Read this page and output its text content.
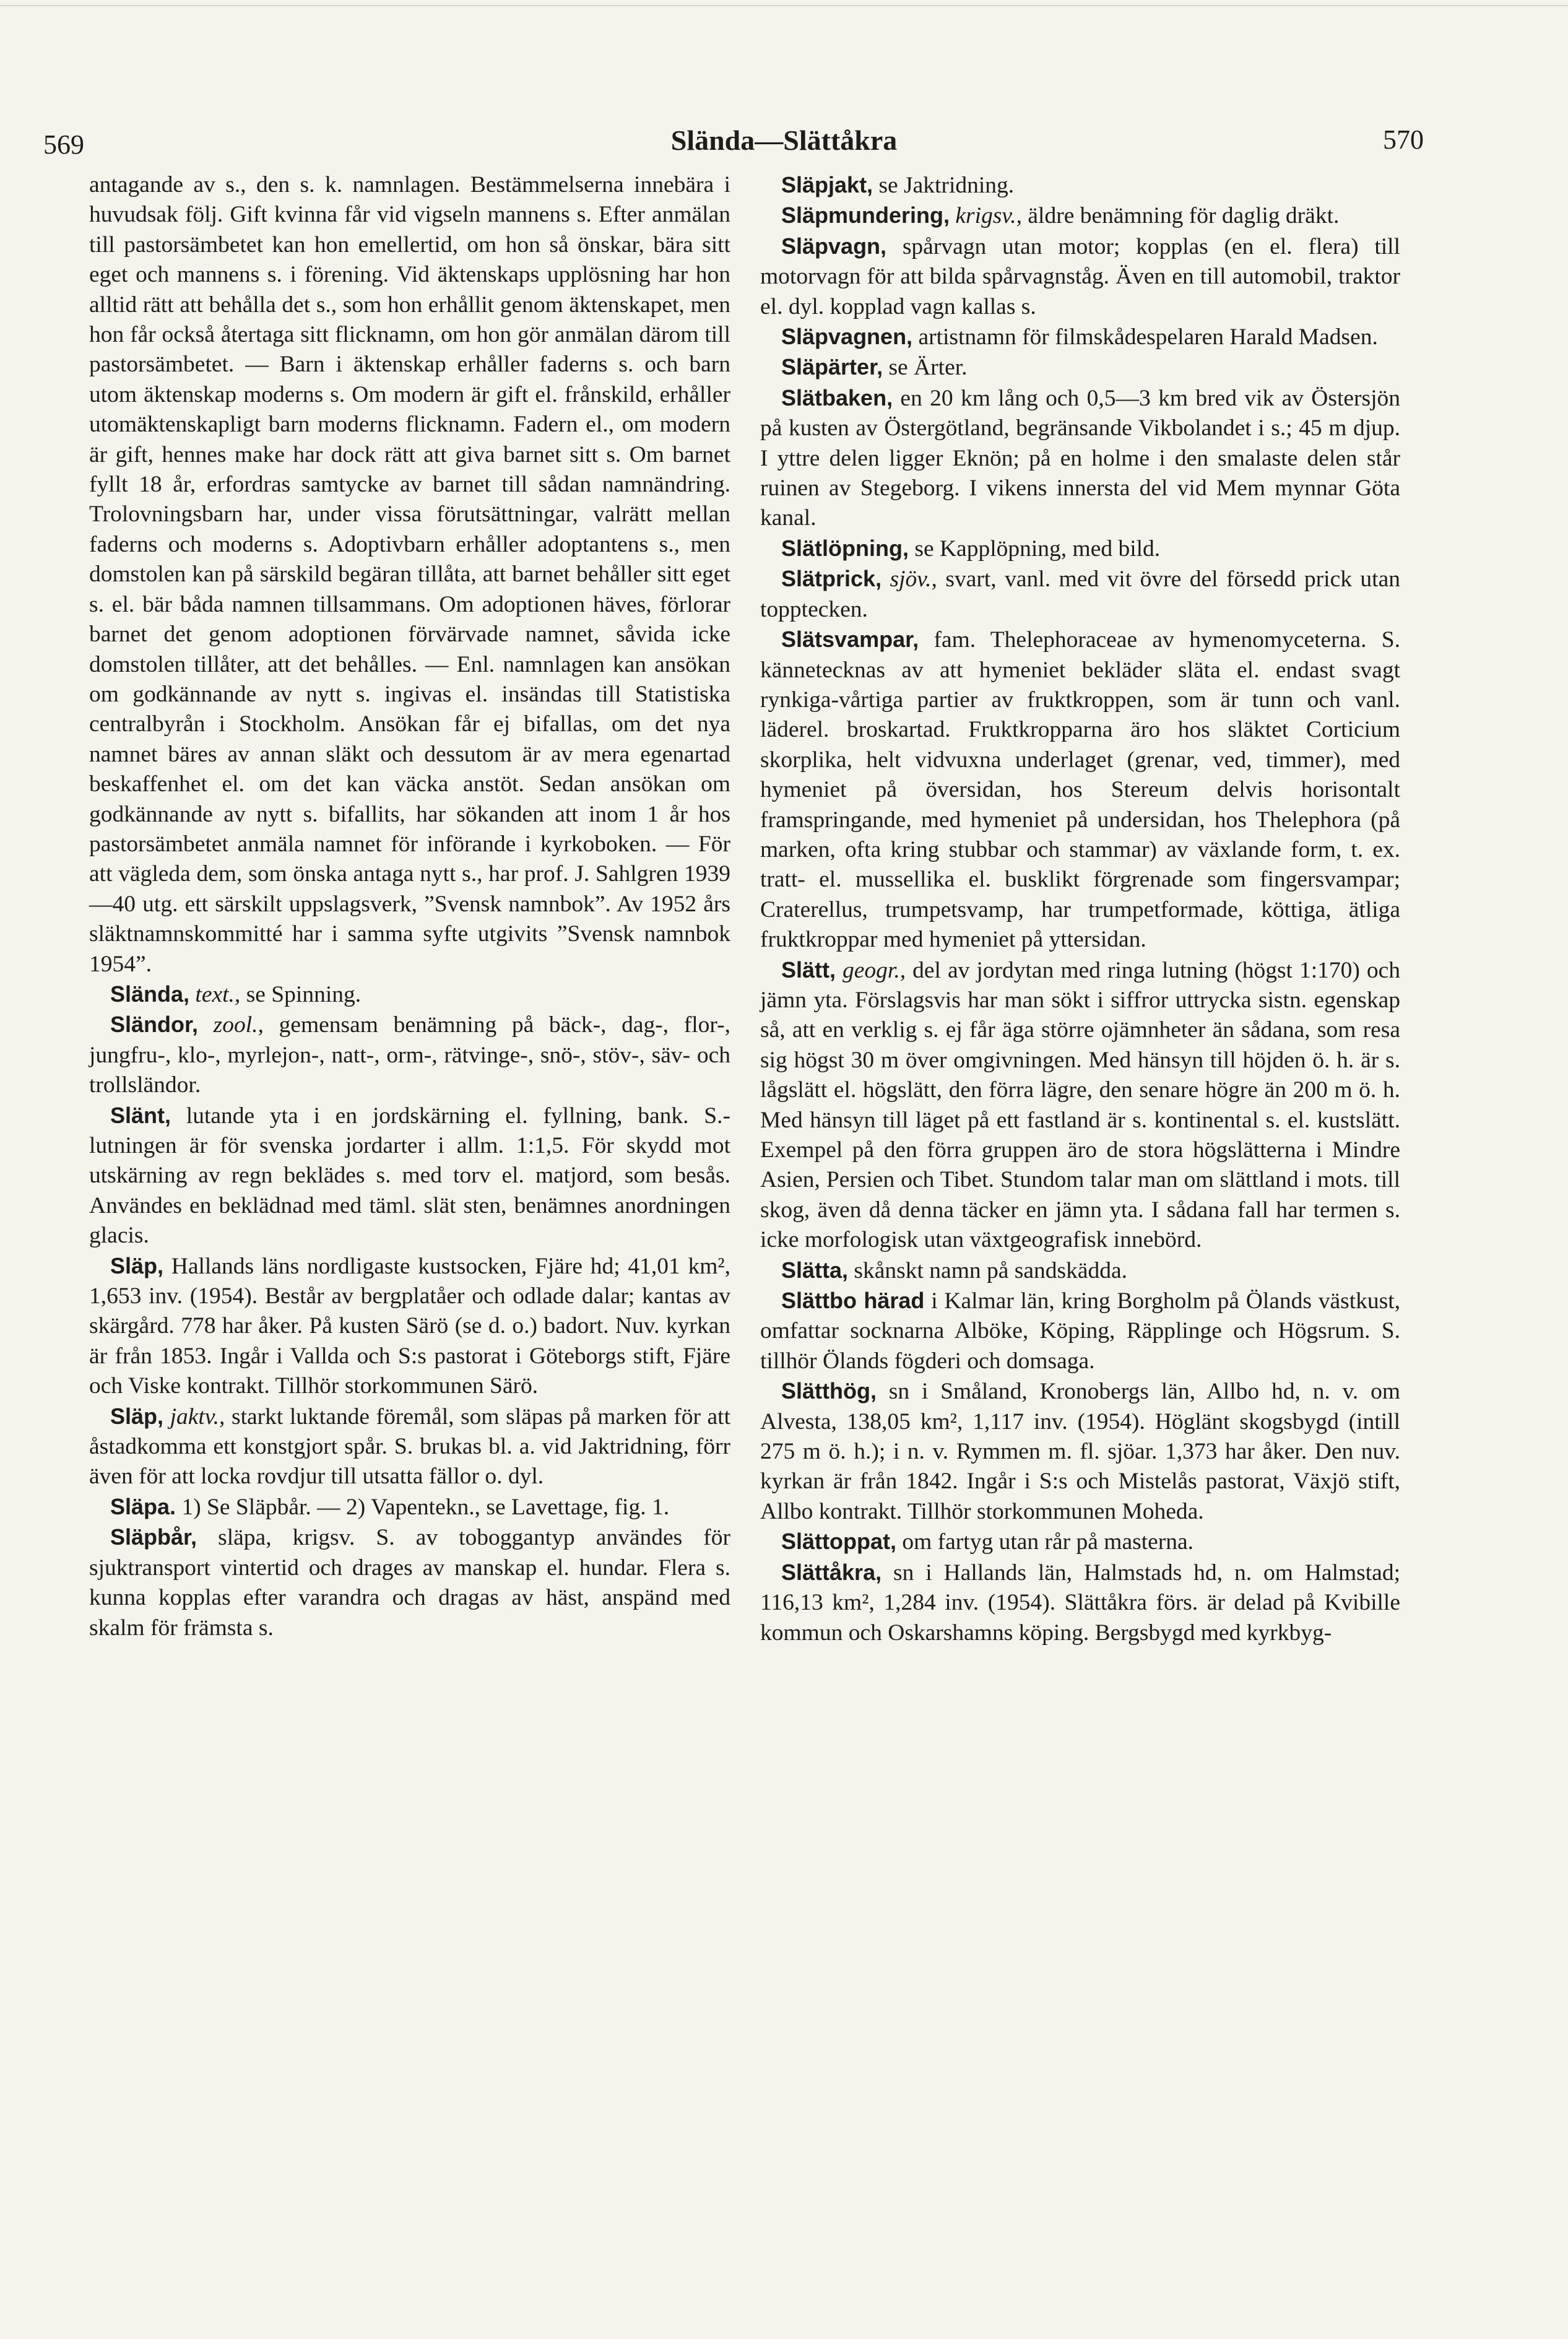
569	Slända—Slättåkra	570

antagande av s., den s. k. namnlagen. Bestämmelserna innebära i huvudsak följ. Gift kvinna får vid vigseln mannens s. Efter anmälan till pastorsämbetet kan hon emellertid, om hon så önskar, bära sitt eget och mannens s. i förening. Vid äktenskaps upplösning har hon alltid rätt att behålla det s., som hon erhållit genom äktenskapet, men hon får också återtaga sitt flicknamn, om hon gör anmälan därom till pastorsämbetet. — Barn i äktenskap erhåller faderns s. och barn utom äktenskap moderns s. Om modern är gift el. frånskild, erhåller utomäktenskapligt barn moderns flicknamn. Fadern el., om modern är gift, hennes make har dock rätt att giva barnet sitt s. Om barnet fyllt 18 år, erfordras samtycke av barnet till sådan namnändring. Trolovningsbarn har, under vissa förutsättningar, valrätt mellan faderns och moderns s. Adoptivbarn erhåller adoptantens s., men domstolen kan på särskild begäran tillåta, att barnet behåller sitt eget s. el. bär båda namnen tillsammans. Om adoptionen häves, förlorar barnet det genom adoptionen förvärvade namnet, såvida icke domstolen tillåter, att det behålles. — Enl. namnlagen kan ansökan om godkännande av nytt s. ingivas el. insändas till Statistiska centralbyrån i Stockholm. Ansökan får ej bifallas, om det nya namnet bäres av annan släkt och dessutom är av mera egenartad beskaffenhet el. om det kan väcka anstöt. Sedan ansökan om godkännande av nytt s. bifallits, har sökanden att inom 1 år hos pastorsämbetet anmäla namnet för införande i kyrkoboken. — För att vägleda dem, som önska antaga nytt s., har prof. J. Sahlgren 1939—40 utg. ett särskilt uppslagsverk, ”Svensk namnbok”. Av 1952 års släktnamnskommitté har i samma syfte utgivits ”Svensk namnbok 1954”.

Slända, text., se Spinning.

Sländor, zool., gemensam benämning på bäck-, dag-, flor-, jungfru-, klo-, myrlejon-, natt-, orm-, rätvinge-, snö-, stöv-, säv- och trollsländor.

Slänt, lutande yta i en jordskärning el. fyllning, bank. S.-lutningen är för svenska jordarter i allm. 1:1,5. För skydd mot utskärning av regn beklädes s. med torv el. matjord, som besås. Användes en beklädnad med täml. slät sten, benämnes anordningen glacis.

Släp, Hallands läns nordligaste kustsocken, Fjäre hd; 41,01 km², 1,653 inv. (1954). Består av bergplatåer och odlade dalar; kantas av skärgård. 778 har åker. På kusten Särö (se d. o.) badort. Nuv. kyrkan är från 1853. Ingår i Vallda och S:s pastorat i Göteborgs stift, Fjäre och Viske kontrakt. Tillhör storkommunen Särö.

Släp, jaktv., starkt luktande föremål, som släpas på marken för att åstadkomma ett konstgjort spår. S. brukas bl. a. vid Jaktridning, förr även för att locka rovdjur till utsatta fällor o. dyl.

Släpa. 1) Se Släpbår. — 2) Vapentekn., se Lavettage, fig. 1.

Släpbår, släpa, krigsv. S. av toboggantyp användes för sjuktransport vintertid och drages av manskap el. hundar. Flera s. kunna kopplas efter varandra och dragas av häst, anspänd med skalm för främsta s.

Släpjakt, se Jaktridning.

Släpmundering, krigsv., äldre benämning för daglig dräkt.

Släpvagn, spårvagn utan motor; kopplas (en el. flera) till motorvagn för att bilda spårvagnståg. Även en till automobil, traktor el. dyl. kopplad vagn kallas s.

Släpvagnen, artistnamn för filmskådespelaren Harald Madsen.

Släpärter, se Ärter.

Slätbaken, en 20 km lång och 0,5—3 km bred vik av Östersjön på kusten av Östergötland, begränsande Vikbolandet i s.; 45 m djup. I yttre delen ligger Eknön; på en holme i den smalaste delen står ruinen av Stegeborg. I vikens innersta del vid Mem mynnar Göta kanal.

Slätlöpning, se Kapplöpning, med bild.

Slätprick, sjöv., svart, vanl. med vit övre del försedd prick utan topptecken.

Slätsvampar, fam. Thelephoraceae av hymenomyceterna. S. kännetecknas av att hymeniet bekläder släta el. endast svagt rynkiga-vårtiga partier av fruktkroppen, som är tunn och vanl. läderel. broskartad. Fruktkropparna äro hos släktet Corticium skorplika, helt vidvuxna underlaget (grenar, ved, timmer), med hymeniet på översidan, hos Stereum delvis horisontalt framspringande, med hymeniet på undersidan, hos Thelephora (på marken, ofta kring stubbar och stammar) av växlande form, t. ex. tratt- el. mussellika el. busklikt förgrenade som fingersvampar; Craterellus, trumpetsvamp, har trumpetformade, köttiga, ätliga fruktkroppar med hymeniet på yttersidan.

Slätt, geogr., del av jordytan med ringa lutning (högst 1:170) och jämn yta. Förslagsvis har man sökt i siffror uttrycka sistn. egenskap så, att en verklig s. ej får äga större ojämnheter än sådana, som resa sig högst 30 m över omgivningen. Med hänsyn till höjden ö. h. är s. lågslätt el. högslätt, den förra lägre, den senare högre än 200 m ö. h. Med hänsyn till läget på ett fastland är s. kontinental s. el. kustslätt. Exempel på den förra gruppen äro de stora högslätterna i Mindre Asien, Persien och Tibet. Stundom talar man om slättland i mots. till skog, även då denna täcker en jämn yta. I sådana fall har termen s. icke morfologisk utan växtgeografisk innebörd.

Slätta, skånskt namn på sandskädda.

Slättbo härad i Kalmar län, kring Borgholm på Ölands västkust, omfattar socknarna Alböke, Köping, Räpplinge och Högsrum. S. tillhör Ölands fögderi och domsaga.

Slätthög, sn i Småland, Kronobergs län, Allbo hd, n. v. om Alvesta, 138,05 km², 1,117 inv. (1954). Höglänt skogsbygd (intill 275 m ö. h.); i n. v. Rymmen m. fl. sjöar. 1,373 har åker. Den nuv. kyrkan är från 1842. Ingår i S:s och Mistelås pastorat, Växjö stift, Allbo kontrakt. Tillhör storkommunen Moheda.

Slättoppat, om fartyg utan rår på masterna.

Slättåkra, sn i Hallands län, Halmstads hd, n. om Halmstad; 116,13 km², 1,284 inv. (1954). Slättåkra förs. är delad på Kvibille kommun och Oskarshamns köping. Bergsbygd med kyrkbyg-
